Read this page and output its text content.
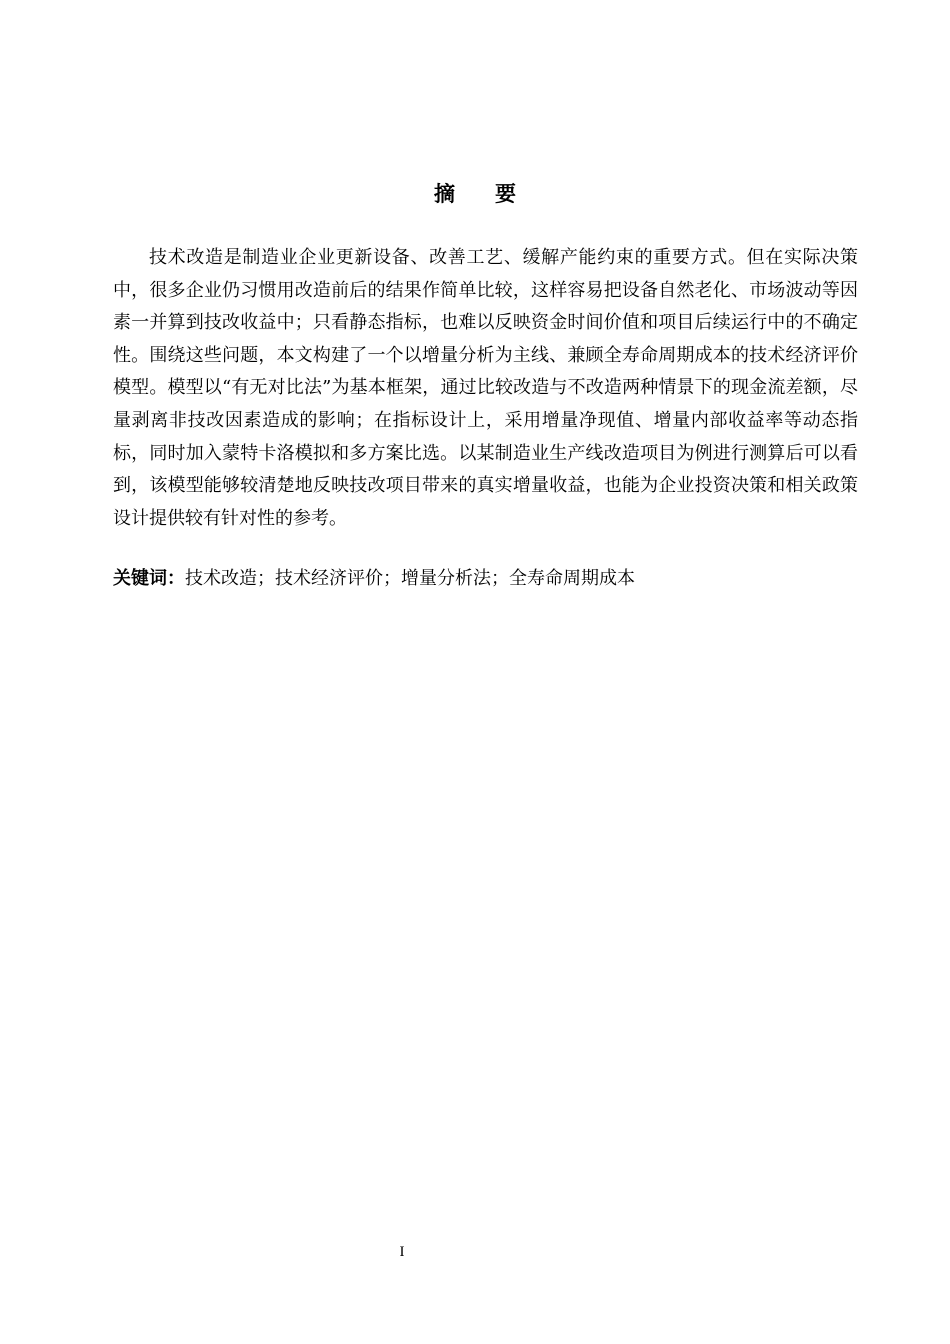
摘要

技术改造是制造业企业更新设备、改善工艺、缓解产能约束的重要方式。但在实际决策中，很多企业仍习惯用改造前后的结果作简单比较，这样容易把设备自然老化、市场波动等因素一并算到技改收益中；只看静态指标，也难以反映资金时间价值和项目后续运行中的不确定性。围绕这些问题，本文构建了一个以增量分析为主线、兼顾全寿命周期成本的技术经济评价模型。模型以“有无对比法”为基本框架，通过比较改造与不改造两种情景下的现金流差额，尽量剥离非技改因素造成的影响；在指标设计上，采用增量净现值、增量内部收益率等动态指标，同时加入蒙特卡洛模拟和多方案比选。以某制造业生产线改造项目为例进行测算后可以看到，该模型能够较清楚地反映技改项目带来的真实增量收益，也能为企业投资决策和相关政策设计提供较有针对性的参考。

关键词：技术改造；技术经济评价；增量分析法；全寿命周期成本

I
